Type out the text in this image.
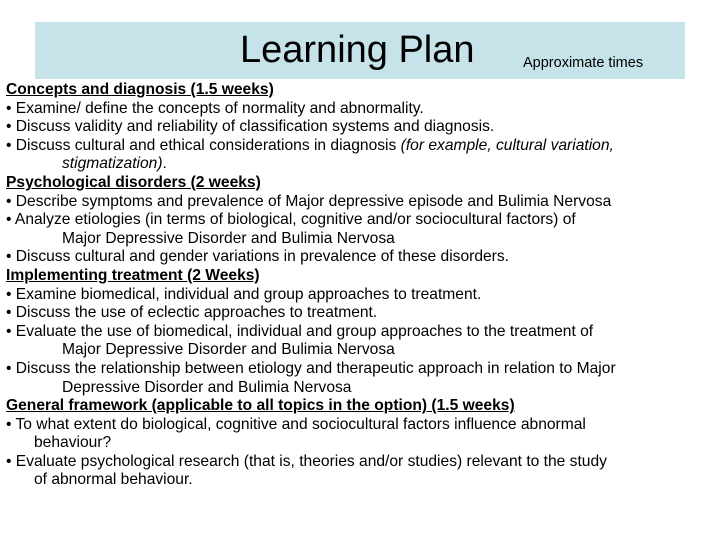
Learning Plan	Approximate times
Concepts and diagnosis (1.5 weeks)
• Examine/ define the concepts of normality and abnormality.
• Discuss validity and reliability of classification systems and diagnosis.
• Discuss cultural and ethical considerations in diagnosis (for example, cultural variation,
stigmatization).
Psychological disorders (2 weeks)
• Describe symptoms and prevalence of Major depressive episode and Bulimia Nervosa
• Analyze etiologies (in terms of biological, cognitive and/or sociocultural factors) of
Major Depressive Disorder and Bulimia Nervosa
• Discuss cultural and gender variations in prevalence of these disorders.
Implementing treatment (2 Weeks)
• Examine biomedical, individual and group approaches to treatment.
• Discuss the use of eclectic approaches to treatment.
• Evaluate the use of biomedical, individual and group approaches to the treatment of
Major Depressive Disorder and Bulimia Nervosa
• Discuss the relationship between etiology and therapeutic approach in relation to Major
Depressive Disorder and Bulimia Nervosa
General framework (applicable to all topics in the option) (1.5 weeks)
• To what extent do biological, cognitive and sociocultural factors influence abnormal
behaviour?
• Evaluate psychological research (that is, theories and/or studies) relevant to the study
of abnormal behaviour.
